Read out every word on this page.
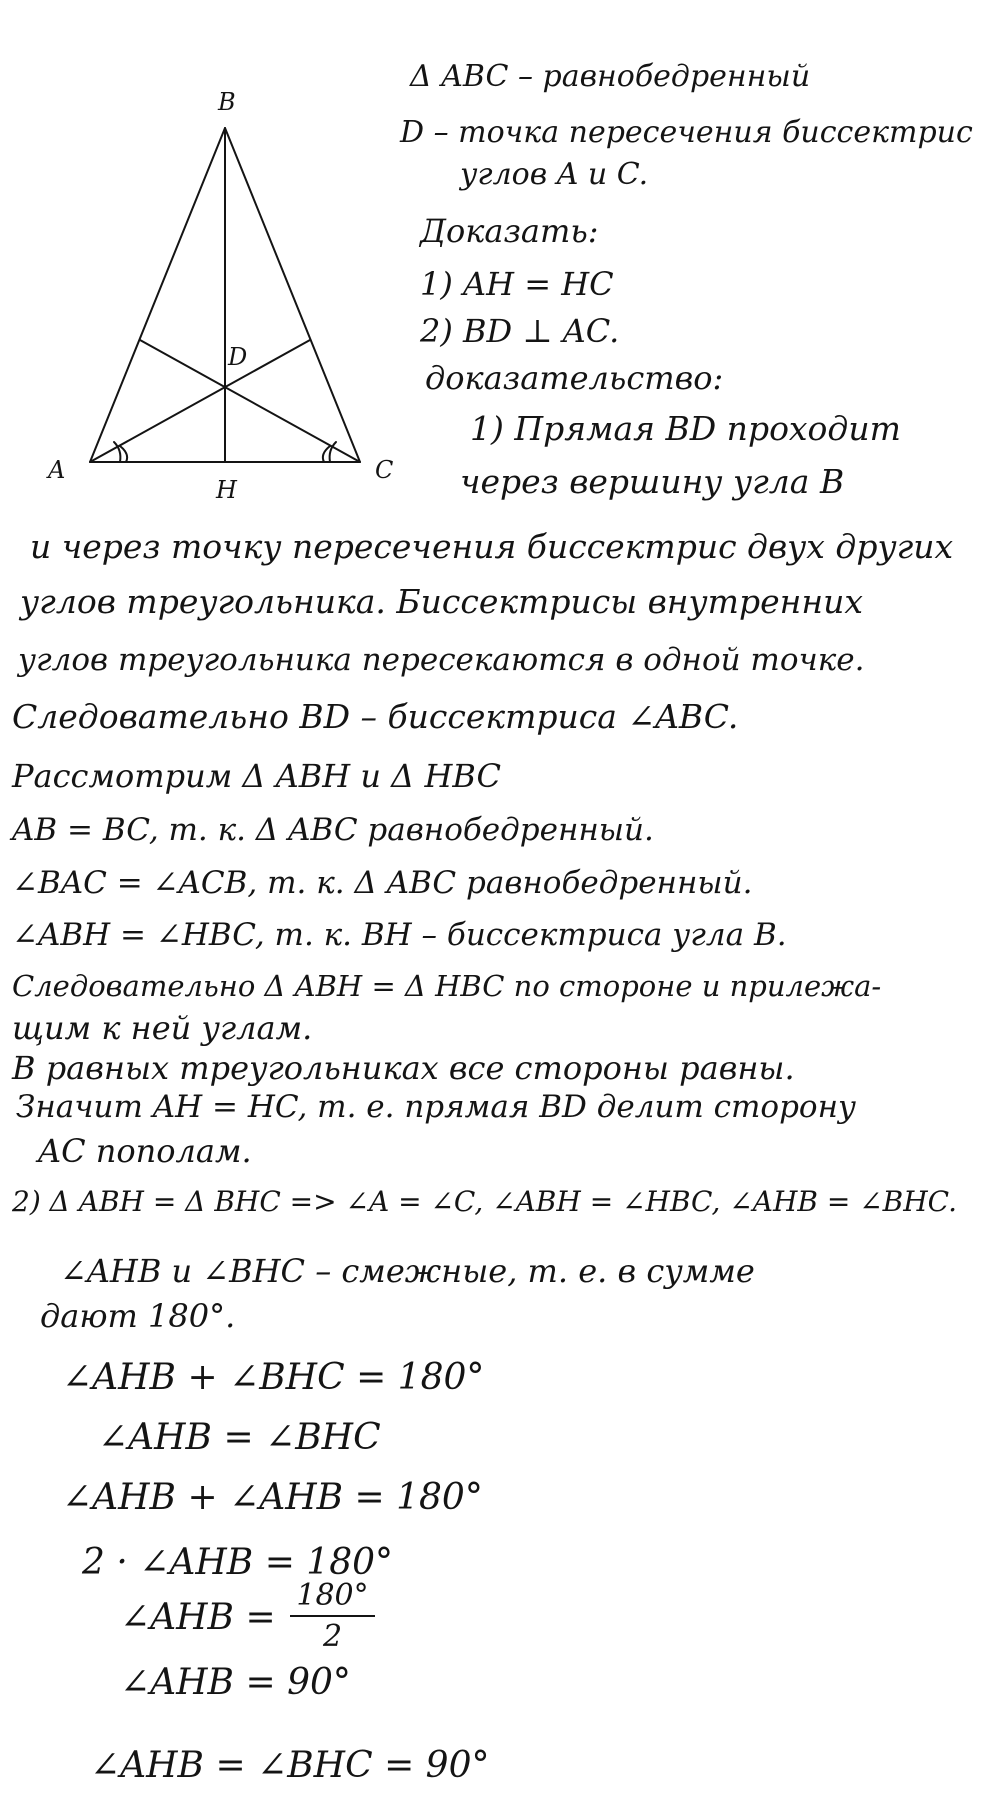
B
D
A
H
C
Δ ABC – равнобедренный
D – точка пересечения биссектрис
углов A и C.
Доказать:
1) AH = HC
2) BD ⊥ AC.
доказательство:
1) Прямая BD проходит
через вершину угла B
и через точку пересечения биссектрис двух других
углов треугольника. Биссектрисы внутренних
углов треугольника пересекаются в одной точке.
Следовательно BD – биссектриса ∠ABC.
Рассмотрим Δ ABH и Δ HBC
AB = BC, т. к. Δ ABC равнобедренный.
∠BAC = ∠ACB, т. к. Δ ABC равнобедренный.
∠ABH = ∠HBC, т. к. BH – биссектриса угла B.
Следовательно Δ ABH = Δ HBC по стороне и прилежа-
щим к ней углам.
В равных треугольниках все стороны равны.
Значит AH = HC, т. е. прямая BD делит сторону
AC пополам.
2) Δ ABH = Δ BHC => ∠A = ∠C, ∠ABH = ∠HBC, ∠AHB = ∠BHC.
∠AHB и ∠BHC – смежные, т. е. в сумме
дают 180°.
∠AHB + ∠BHC = 180°
∠AHB = ∠BHC
∠AHB + ∠AHB = 180°
2 · ∠AHB = 180°
∠AHB =
180°
2
∠AHB = 90°
∠AHB = ∠BHC = 90°
